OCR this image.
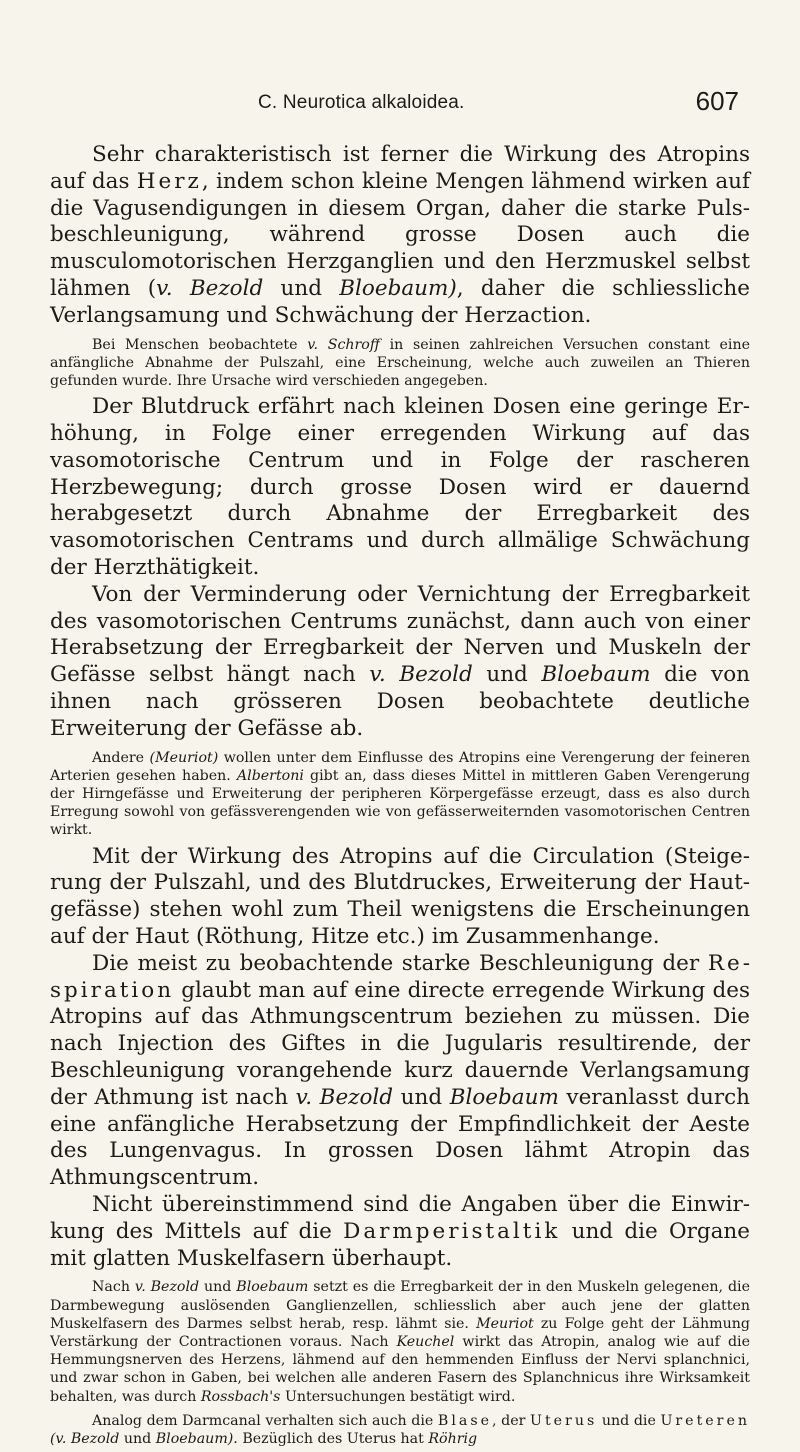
C. Neurotica alkaloidea.	607

Sehr charakteristisch ist ferner die Wirkung des Atropins auf das Herz, indem schon kleine Mengen lähmend wirken auf die Vagusendigungen in diesem Organ, daher die starke Pulsbeschleunigung, während grosse Dosen auch die musculomotorischen Herzganglien und den Herzmuskel selbst lähmen (v. Bezold und Bloebaum), daher die schliessliche Verlangsamung und Schwächung der Herzaction.

Bei Menschen beobachtete v. Schroff in seinen zahlreichen Versuchen constant eine anfängliche Abnahme der Pulszahl, eine Erscheinung, welche auch zuweilen an Thieren gefunden wurde. Ihre Ursache wird verschieden angegeben.

Der Blutdruck erfährt nach kleinen Dosen eine geringe Erhöhung, in Folge einer erregenden Wirkung auf das vasomotorische Centrum und in Folge der rascheren Herzbewegung; durch grosse Dosen wird er dauernd herabgesetzt durch Abnahme der Erregbarkeit des vasomotorischen Centrams und durch allmälige Schwächung der Herzthätigkeit.

Von der Verminderung oder Vernichtung der Erregbarkeit des vasomotorischen Centrums zunächst, dann auch von einer Herabsetzung der Erregbarkeit der Nerven und Muskeln der Gefässe selbst hängt nach v. Bezold und Bloebaum die von ihnen nach grösseren Dosen beobachtete deutliche Erweiterung der Gefässe ab.

Andere (Meuriot) wollen unter dem Einflusse des Atropins eine Verengerung der feineren Arterien gesehen haben. Albertoni gibt an, dass dieses Mittel in mittleren Gaben Verengerung der Hirngefässe und Erweiterung der peripheren Körpergefässe erzeugt, dass es also durch Erregung sowohl von gefässverengenden wie von gefässerweiternden vasomotorischen Centren wirkt.

Mit der Wirkung des Atropins auf die Circulation (Steigerung der Pulszahl, und des Blutdruckes, Erweiterung der Hautgefässe) stehen wohl zum Theil wenigstens die Erscheinungen auf der Haut (Röthung, Hitze etc.) im Zusammenhange.

Die meist zu beobachtende starke Beschleunigung der Respiration glaubt man auf eine directe erregende Wirkung des Atropins auf das Athmungscentrum beziehen zu müssen. Die nach Injection des Giftes in die Jugularis resultirende, der Beschleunigung vorangehende kurz dauernde Verlangsamung der Athmung ist nach v. Bezold und Bloebaum veranlasst durch eine anfängliche Herabsetzung der Empfindlichkeit der Aeste des Lungenvagus. In grossen Dosen lähmt Atropin das Athmungscentrum.

Nicht übereinstimmend sind die Angaben über die Einwirkung des Mittels auf die Darmperistaltik und die Organe mit glatten Muskelfasern überhaupt.

Nach v. Bezold und Bloebaum setzt es die Erregbarkeit der in den Muskeln gelegenen, die Darmbewegung auslösenden Ganglienzellen, schliesslich aber auch jene der glatten Muskelfasern des Darmes selbst herab, resp. lähmt sie. Meuriot zu Folge geht der Lähmung Verstärkung der Contractionen voraus. Nach Keuchel wirkt das Atropin, analog wie auf die Hemmungsnerven des Herzens, lähmend auf den hemmenden Einfluss der Nervi splanchnici, und zwar schon in Gaben, bei welchen alle anderen Fasern des Splanchnicus ihre Wirksamkeit behalten, was durch Rossbach's Untersuchungen bestätigt wird.

Analog dem Darmcanal verhalten sich auch die Blase, der Uterus und die Ureteren (v. Bezold und Bloebaum). Bezüglich des Uterus hat Röhrig
